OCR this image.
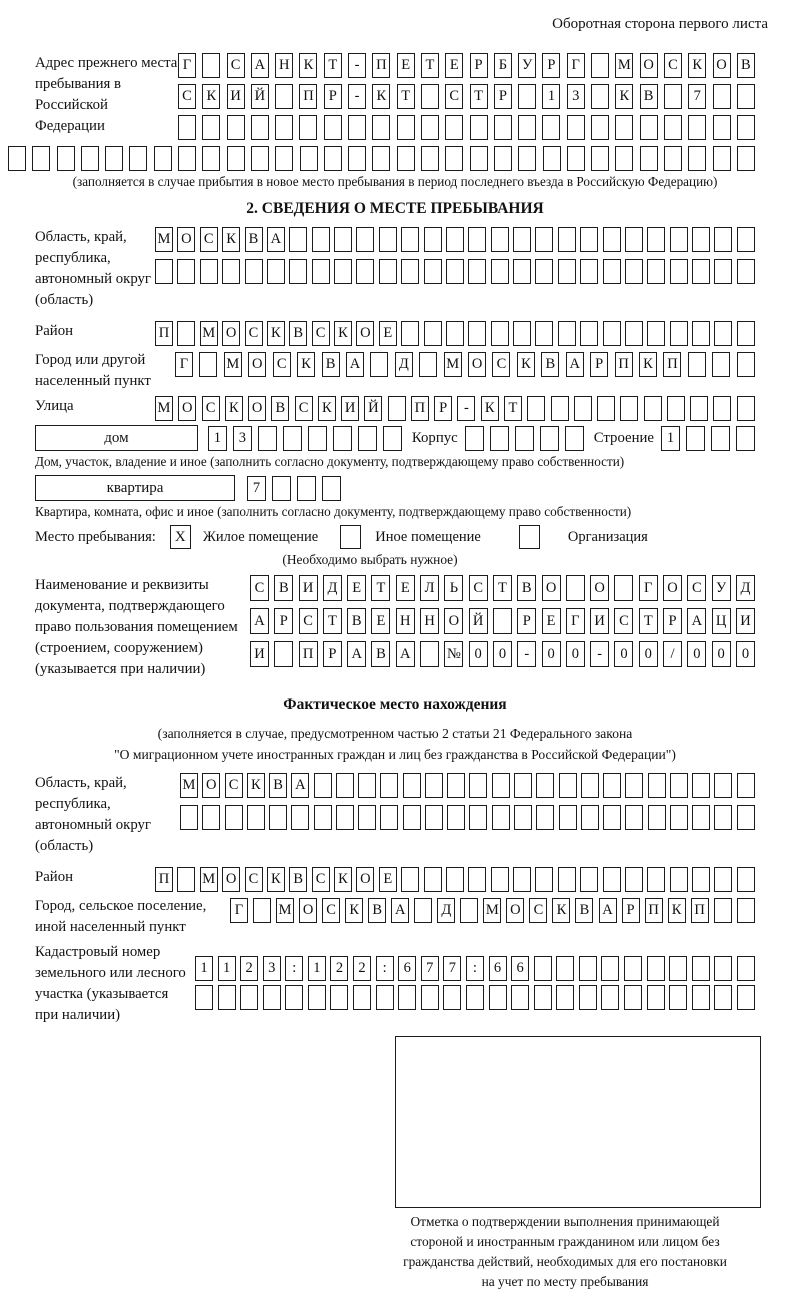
Оборотная сторона первого листа
Адрес прежнего места пребывания в Российской Федерации
Г	С А Н К	Т	-	П	Е	Т	Е	Р	Б	У	Р	Г	М О С К О В
С К И Й	П	Р	-	К	Т	С	Т	Р	1	3	К В	7
(заполняется в случае прибытия в новое место пребывания в период последнего въезда в Российскую Федерацию)
2. СВЕДЕНИЯ О МЕСТЕ ПРЕБЫВАНИЯ
Область, край, республика, автономный округ (область)
М О С К В А
Район	П М О С К В С К О Е
Город или другой населенный пункт
Г	М О С К В А	Д	М О С К В А	Р	П К П
Улица	М О С К О В С К И Й П Р	-	К Т
дом	1	3	Корпус	Строение 1
Дом, участок, владение и иное (заполнить согласно документу, подтверждающему право собственности)
квартира	7
Квартира, комната, офис и иное (заполнить согласно документу, подтверждающему право собственности)
Место пребывания:	X	Жилое помещение	Иное помещение	Организация
(Необходимо выбрать нужное)
Наименование и реквизиты документа, подтверждающего право пользования помещением (строением, сооружением) (указывается при наличии)
С	В И Д	Е	Т	Е	Л	Ь	С	Т	В О	О	Г	О С У Д
А	Р	С	Т	В	Е	Н Н О Й	Р	Е	Г	И С	Т	Р	А Ц И
И	П	Р	А В А	№ 0	0	-	0	0	-	0	0	/	0	0	0
Фактическое место нахождения
(заполняется в случае, предусмотренном частью 2 статьи 21 Федерального закона
"О миграционном учете иностранных граждан и лиц без гражданства в Российской Федерации")
Область, край, республика, автономный округ (область)
М О С К В А
Район	П М О С К В С К О Е
Город, сельское поселение, иной населенный пункт
Г	М О С К В А Д М О С К В А Р П К П
Кадастровый номер земельного или лесного участка (указывается при наличии)
1	1	2	3	:	1	2	2	:	6	7	7	:	6	6
Отметка о подтверждении выполнения принимающей
стороной и иностранным гражданином или лицом без
гражданства действий, необходимых для его постановки
на учет по месту пребывания
